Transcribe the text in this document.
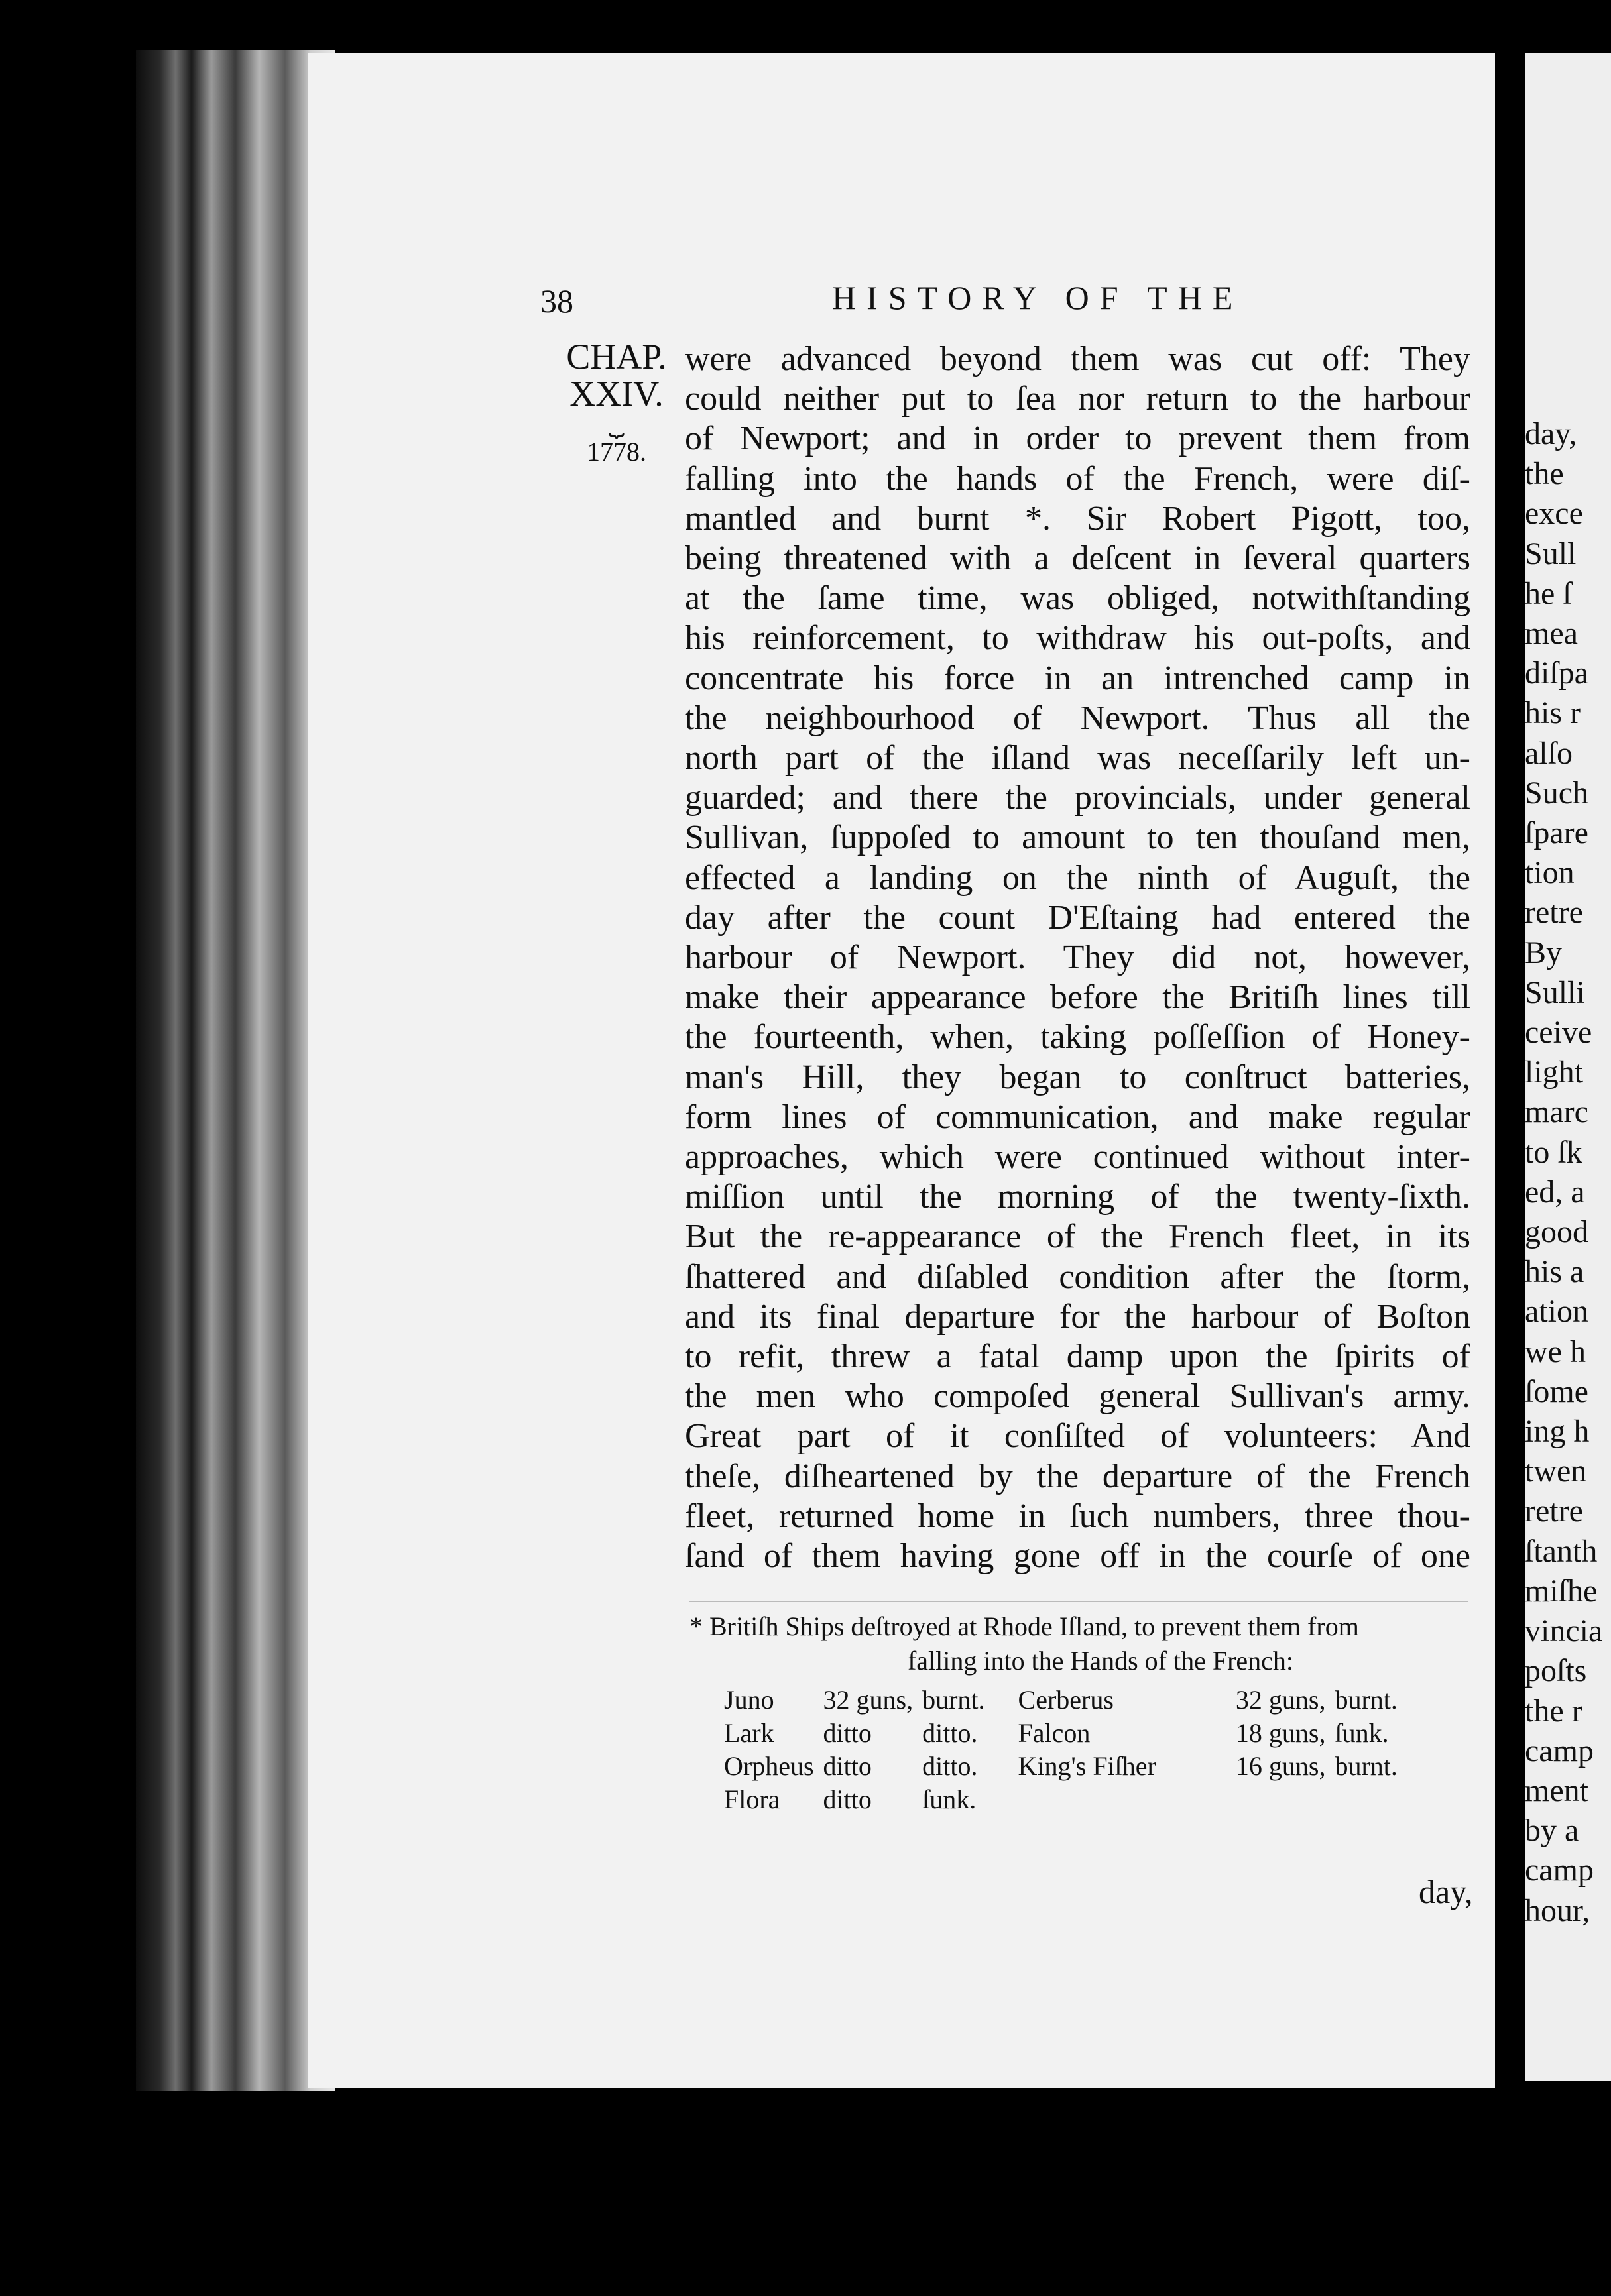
38	HISTORY OF THE
CHAP.
XXIV.
⏟
1778.
were advanced beyond them was cut off: They
could neither put to ſea nor return to the harbour
of Newport; and in order to prevent them from
falling into the hands of the French, were diſ-
mantled and burnt *. Sir Robert Pigott, too,
being threatened with a deſcent in ſeveral quarters
at the ſame time, was obliged, notwithſtanding
his reinforcement, to withdraw his out-poſts, and
concentrate his force in an intrenched camp in
the neighbourhood of Newport. Thus all the
north part of the iſland was neceſſarily left un-
guarded; and there the provincials, under general
Sullivan, ſuppoſed to amount to ten thouſand men,
effected a landing on the ninth of Auguſt, the
day after the count D'Eſtaing had entered the
harbour of Newport. They did not, however,
make their appearance before the Britiſh lines till
the fourteenth, when, taking poſſeſſion of Honey-
man's Hill, they began to conſtruct batteries,
form lines of communication, and make regular
approaches, which were continued without inter-
miſſion until the morning of the twenty-ſixth.
But the re-appearance of the French fleet, in its
ſhattered and diſabled condition after the ſtorm,
and its final departure for the harbour of Boſton
to refit, threw a fatal damp upon the ſpirits of
the men who compoſed general Sullivan's army.
Great part of it conſiſted of volunteers: And
theſe, diſheartened by the departure of the French
fleet, returned home in ſuch numbers, three thou-
ſand of them having gone off in the courſe of one
* Britiſh Ships deſtroyed at Rhode Iſland, to prevent them from
falling into the Hands of the French:
Juno	32 guns,	burnt.	Cerberus	32 guns,	burnt.
Lark	ditto	ditto.	Falcon	18 guns,	ſunk.
Orpheus	ditto	ditto.	King's Fiſher	16 guns,	burnt.
Flora	ditto	ſunk.			
day,
day,
the
exce
Sull
he ſ
mea
diſpa
his r
alſo
Such
ſpare
tion
retre
By
Sulli
ceive
light
marc
to ſk
ed, a
good
his a
ation
we h
ſome
ing h
twen
retre
ſtanth
miſhe
vincia
poſts
the r
camp
ment
by a
camp
hour,
